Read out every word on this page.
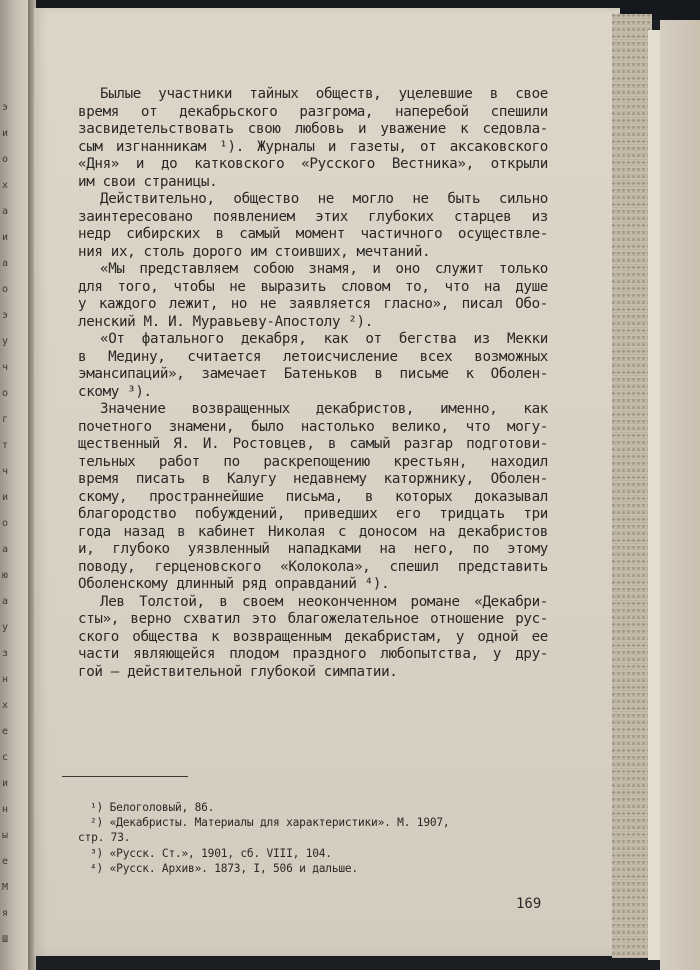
э
и
о
х
а
и
а
о
э
у
ч
о
г
т
ч
и
о
а
ю
а
у
з
н
х
е
с
и
н
ы
е
М
я
Ш
Былые участники тайных обществ, уцелевшие в свое
время от декабрьского разгрома, наперебой спешили
засвидетельствовать свою любовь и уважение к седовла-
сым изгнанникам ¹). Журналы и газеты, от аксаковского
«Дня» и до катковского «Русского Вестника», открыли
им свои страницы.
Действительно, общество не могло не быть сильно
заинтересовано появлением этих глубоких старцев из
недр сибирских в самый момент частичного осуществле-
ния их, столь дорого им стоивших, мечтаний.
«Мы представляем собою знамя, и оно служит только
для того, чтобы не выразить словом то, что на душе
у каждого лежит, но не заявляется гласно», писал Обо-
ленский М. И. Муравьеву-Апостолу ²).
«От фатального декабря, как от бегства из Мекки
в Медину, считается летоисчисление всех возможных
эмансипаций», замечает Батеньков в письме к Оболен-
скому ³).
Значение возвращенных декабристов, именно, как
почетного знамени, было настолько велико, что могу-
щественный Я. И. Ростовцев, в самый разгар подготови-
тельных работ по раскрепощению крестьян, находил
время писать в Калугу недавнему каторжнику, Оболен-
скому, пространнейшие письма, в которых доказывал
благородство побуждений, приведших его тридцать три
года назад в кабинет Николая с доносом на декабристов
и, глубоко уязвленный нападками на него, по этому
поводу, герценовского «Колокола», спешил представить
Оболенскому длинный ряд оправданий ⁴).
Лев Толстой, в своем неоконченном романе «Декабри-
сты», верно схватил это благожелательное отношение рус-
ского общества к возвращенным декабристам, у одной ее
части являющейся плодом праздного любопытства, у дру-
гой — действительной глубокой симпатии.
¹) Белоголовый, 86.
²) «Декабристы. Материалы для характеристики». М. 1907,
стр. 73.
³) «Русск. Ст.», 1901, сб. VIII, 104.
⁴) «Русск. Архив». 1873, I, 506 и дальше.
169
